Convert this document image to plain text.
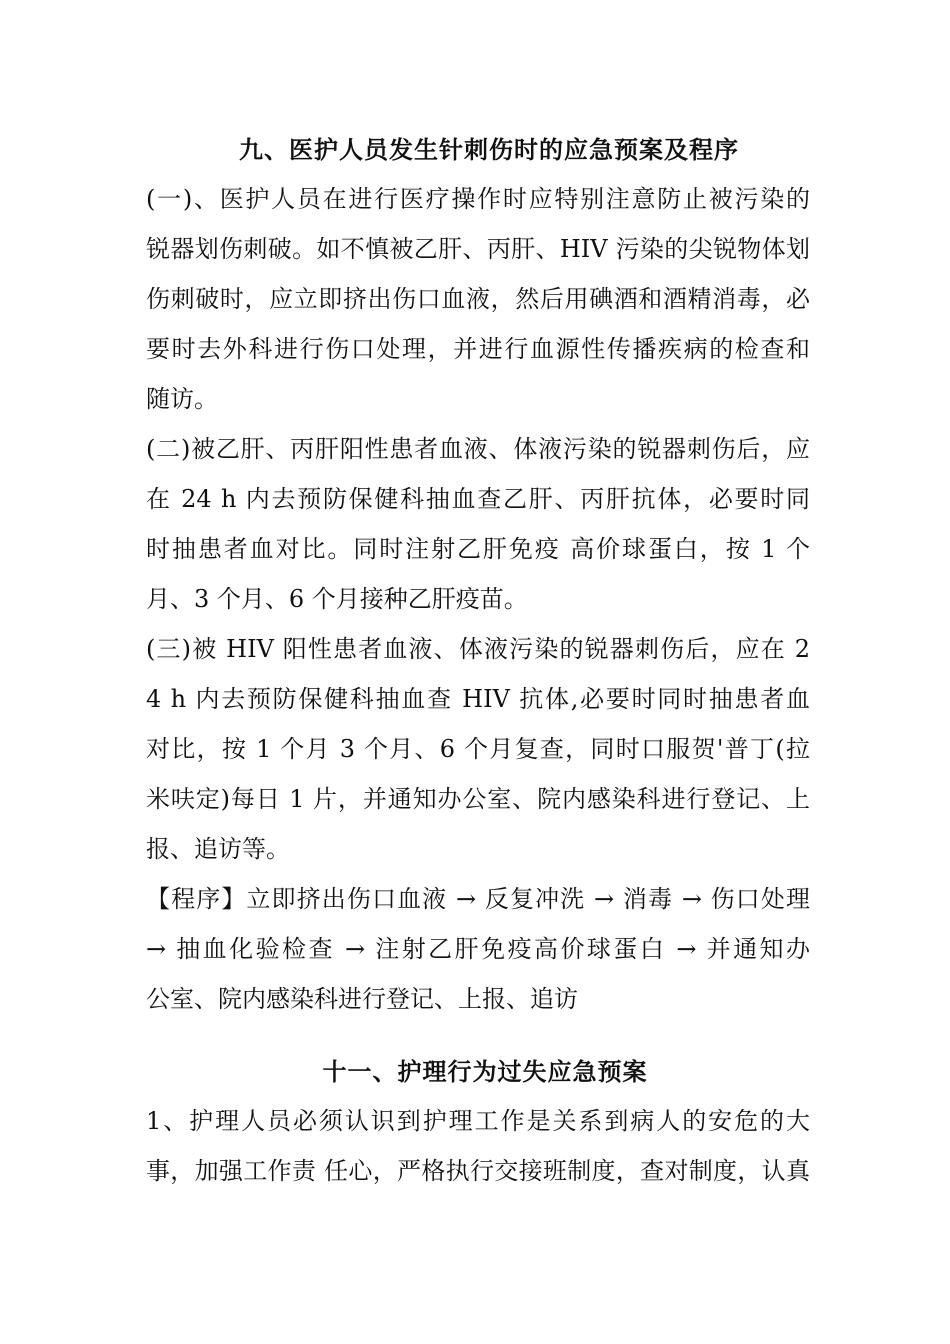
九、医护人员发生针刺伤时的应急预案及程序
(一)、医护人员在进行医疗操作时应特别注意防止被污染的
锐器划伤刺破。如不慎被乙肝、丙肝、HIV 污染的尖锐物体划
伤刺破时，应立即挤出伤口血液，然后用碘酒和酒精消毒，必
要时去外科进行伤口处理，并进行血源性传播疾病的检查和
随访。
(二)被乙肝、丙肝阳性患者血液、体液污染的锐器刺伤后，应
在 24 h 内去预防保健科抽血查乙肝、丙肝抗体，必要时同
时抽患者血对比。同时注射乙肝免疫 高价球蛋白，按 1 个
月、3 个月、6 个月接种乙肝疫苗。
(三)被 HIV 阳性患者血液、体液污染的锐器刺伤后，应在 2
4 h 内去预防保健科抽血查 HIV 抗体,必要时同时抽患者血
对比，按 1 个月 3 个月、6 个月复查，同时口服贺'普丁(拉
米呋定)每日 1 片，并通知办公室、院内感染科进行登记、上
报、追访等。
【程序】立即挤出伤口血液 → 反复冲洗 → 消毒 → 伤口处理
→ 抽血化验检查 → 注射乙肝免疫高价球蛋白 → 并通知办
公室、院内感染科进行登记、上报、追访
十一、护理行为过失应急预案
1、护理人员必须认识到护理工作是关系到病人的安危的大
事，加强工作责 任心，严格执行交接班制度，查对制度，认真
